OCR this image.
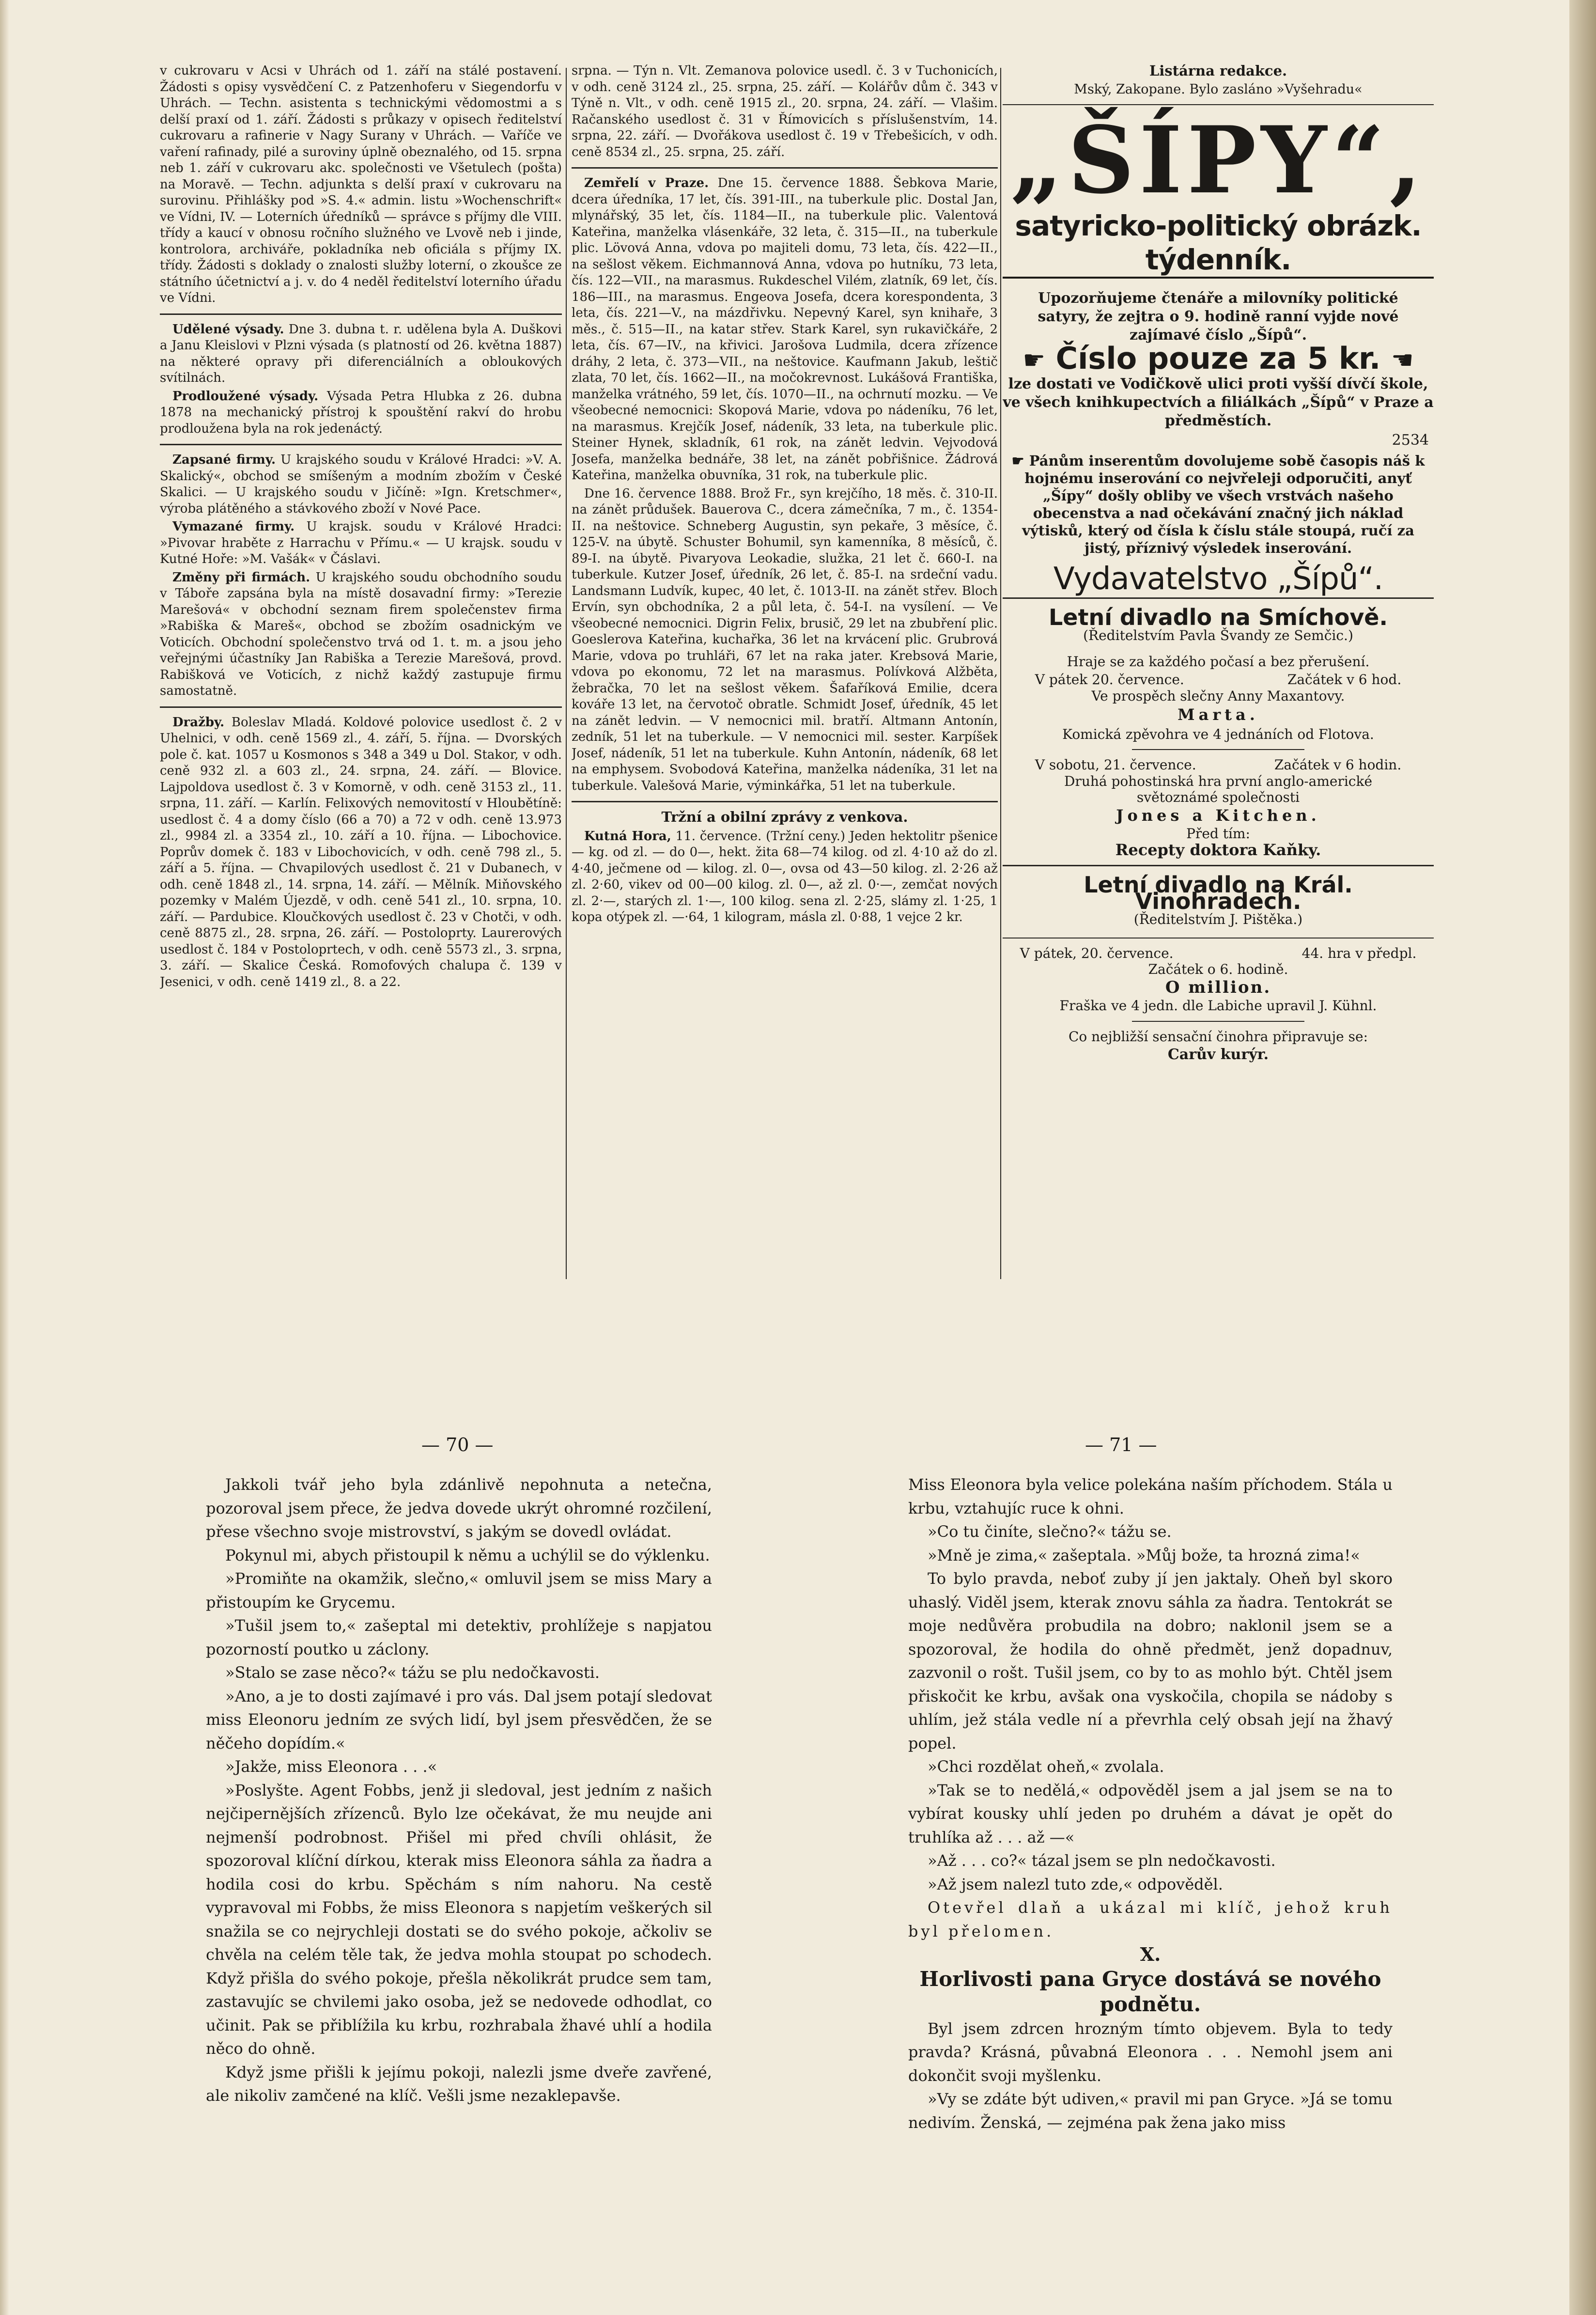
v cukrovaru v Acsi v Uhrách od 1. září na stálé postavení. Žádosti s opisy vysvědčení C. z Patzenhoferu v Siegendorfu v Uhrách. — Techn. asistenta s technickými vědomostmi a s delší praxí od 1. září. Žádosti s průkazy v opisech ředitelství cukrovaru a rafinerie v Nagy Surany v Uhrách. — Vaříče ve vaření rafinady, pilé a suroviny úplně obeznalého, od 15. srpna neb 1. září v cukrovaru akc. společnosti ve Všetulech (pošta) na Moravě. — Techn. adjunkta s delší praxí v cukrovaru na surovinu. Přihlášky pod »S. 4.« admin. listu »Wochenschrift« ve Vídni, IV. — Loterních úředníků — správce s příjmy dle VIII. třídy a kaucí v obnosu ročního služného ve Lvově neb i jinde, kontrolora, archiváře, pokladníka neb oficiála s příjmy IX. třídy. Žádosti s doklady o znalosti služby loterní, o zkoušce ze státního účetnictví a j. v. do 4 neděl ředitelství loterního úřadu ve Vídni.

Udělené výsady. Dne 3. dubna t. r. udělena byla A. Duškovi a Janu Kleislovi v Plzni výsada (s platností od 26. května 1887) na některé opravy při diferenciálních a obloukových svítilnách.

Prodloužené výsady. Výsada Petra Hlubka z 26. dubna 1878 na mechanický přístroj k spouštění rakví do hrobu prodloužena byla na rok jedenáctý.

Zapsané firmy. U krajského soudu v Králové Hradci: »V. A. Skalický«, obchod se smíšeným a modním zbožím v České Skalici. — U krajského soudu v Jičíně: »Ign. Kretschmer«, výroba plátěného a stávkového zboží v Nové Pace.

Vymazané firmy. U krajsk. soudu v Králové Hradci: »Pivovar hraběte z Harrachu v Přímu.« — U krajsk. soudu v Kutné Hoře: »M. Vašák« v Čáslavi.

Změny při firmách. U krajského soudu obchodního soudu v Táboře zapsána byla na místě dosavadní firmy: »Terezie Marešová« v obchodní seznam firem společenstev firma »Rabiška & Mareš«, obchod se zbožím osadnickým ve Voticích. Obchodní společenstvo trvá od 1. t. m. a jsou jeho veřejnými účastníky Jan Rabiška a Terezie Marešová, provd. Rabišková ve Voticích, z nichž každý zastupuje firmu samostatně.

Dražby. Boleslav Mladá. Koldové polovice usedlost č. 2 v Uhelnici, v odh. ceně 1569 zl., 4. září, 5. října. — Dvorských pole č. kat. 1057 u Kosmonos s 348 a 349 u Dol. Stakor, v odh. ceně 932 zl. a 603 zl., 24. srpna, 24. září. — Blovice. Lajpoldova usedlost č. 3 v Komorně, v odh. ceně 3153 zl., 11. srpna, 11. září. — Karlín. Felixových nemovitostí v Hloubětíně: usedlost č. 4 a domy číslo (66 a 70) a 72 v odh. ceně 13.973 zl., 9984 zl. a 3354 zl., 10. září a 10. října. — Libochovice. Poprův domek č. 183 v Libochovicích, v odh. ceně 798 zl., 5. září a 5. října. — Chvapilových usedlost č. 21 v Dubanech, v odh. ceně 1848 zl., 14. srpna, 14. září. — Mělník. Miňovského pozemky v Malém Újezdě, v odh. ceně 541 zl., 10. srpna, 10. září. — Pardubice. Kloučkových usedlost č. 23 v Chotči, v odh. ceně 8875 zl., 28. srpna, 26. září. — Postoloprty. Laurerových usedlost č. 184 v Postoloprtech, v odh. ceně 5573 zl., 3. srpna, 3. září. — Skalice Česká. Romofových chalupa č. 139 v Jesenici, v odh. ceně 1419 zl., 8. a 22.

srpna. — Týn n. Vlt. Zemanova polovice usedl. č. 3 v Tuchonicích, v odh. ceně 3124 zl., 25. srpna, 25. září. — Kolářův dům č. 343 v Týně n. Vlt., v odh. ceně 1915 zl., 20. srpna, 24. září. — Vlašim. Račanského usedlost č. 31 v Římovicích s příslušenstvím, 14. srpna, 22. září. — Dvořákova usedlost č. 19 v Třebešicích, v odh. ceně 8534 zl., 25. srpna, 25. září.

Zemřelí v Praze. Dne 15. července 1888. Šebkova Marie, dcera úředníka, 17 let, čís. 391-III., na tuberkule plic. Dostal Jan, mlynářský, 35 let, čís. 1184—II., na tuberkule plic. Valentová Kateřina, manželka vlásenkáře, 32 leta, č. 315—II., na tuberkule plic. Lövová Anna, vdova po majiteli domu, 73 leta, čís. 422—II., na sešlost věkem. Eichmannová Anna, vdova po hutníku, 73 leta, čís. 122—VII., na marasmus. Rukdeschel Vilém, zlatník, 69 let, čís. 186—III., na marasmus. Engeova Josefa, dcera korespondenta, 3 leta, čís. 221—V., na mázdřivku. Nepevný Karel, syn knihaře, 3 měs., č. 515—II., na katar střev. Stark Karel, syn rukavičkáře, 2 leta, čís. 67—IV., na křivici. Jarošova Ludmila, dcera zřízence dráhy, 2 leta, č. 373—VII., na neštovice. Kaufmann Jakub, leštič zlata, 70 let, čís. 1662—II., na močokrevnost. Lukášová Františka, manželka vrátného, 59 let, čís. 1070—II., na ochrnutí mozku. — Ve všeobecné nemocnici: Skopová Marie, vdova po nádeníku, 76 let, na marasmus. Krejčík Josef, nádeník, 33 leta, na tuberkule plic. Steiner Hynek, skladník, 61 rok, na zánět ledvin. Vejvodová Josefa, manželka bednáře, 38 let, na zánět pobřišnice. Žádrová Kateřina, manželka obuvníka, 31 rok, na tuberkule plic.

Dne 16. července 1888. Brož Fr., syn krejčího, 18 měs. č. 310-II. na zánět průdušek. Bauerova C., dcera zámečníka, 7 m., č. 1354-II. na neštovice. Schneberg Augustin, syn pekaře, 3 měsíce, č. 125-V. na úbytě. Schuster Bohumil, syn kamenníka, 8 měsíců, č. 89-I. na úbytě. Pivaryova Leokadie, služka, 21 let č. 660-I. na tuberkule. Kutzer Josef, úředník, 26 let, č. 85-I. na srdeční vadu. Landsmann Ludvík, kupec, 40 let, č. 1013-II. na zánět střev. Bloch Ervín, syn obchodníka, 2 a půl leta, č. 54-I. na vysílení. — Ve všeobecné nemocnici. Digrin Felix, brusič, 29 let na zbubření plic. Goeslerova Kateřina, kuchařka, 36 let na krvácení plic. Grubrová Marie, vdova po truhláři, 67 let na raka jater. Krebsová Marie, vdova po ekonomu, 72 let na marasmus. Polívková Alžběta, žebračka, 70 let na sešlost věkem. Šafaříková Emilie, dcera kováře 13 let, na červotoč obratle. Schmidt Josef, úředník, 45 let na zánět ledvin. — V nemocnici mil. bratří. Altmann Antonín, zedník, 51 let na tuberkule. — V nemocnici mil. sester. Karpíšek Josef, nádeník, 51 let na tuberkule. Kuhn Antonín, nádeník, 68 let na emphysem. Svobodová Kateřina, manželka nádeníka, 31 let na tuberkule. Valešová Marie, výminkářka, 51 let na tuberkule.

Tržní a obilní zprávy z venkova.

Kutná Hora, 11. července. (Tržní ceny.) Jeden hektolitr pšenice — kg. od zl. — do 0—, hekt. žita 68—74 kilog. od zl. 4·10 až do zl. 4·40, ječmene od — kilog. zl. 0—, ovsa od 43—50 kilog. zl. 2·26 až zl. 2·60, vikev od 00—00 kilog. zl. 0—, až zl. 0·—, zemčat nových zl. 2·—, starých zl. 1·—, 100 kilog. sena zl. 2·25, slámy zl. 1·25, 1 kopa otýpek zl. —·64, 1 kilogram, másla zl. 0·88, 1 vejce 2 kr.

Listárna redakce.

Mský, Zakopane. Bylo zasláno »Vyšehradu«

„ŠÍPY“,
satyricko-politický obrázk. týdenník.

Upozorňujeme čtenáře a milovníky politické satyry, že zejtra o 9. hodině ranní vyjde nové zajímavé číslo „Šípů“.

☛ Číslo pouze za 5 kr. ☚

lze dostati ve Vodičkově ulici proti vyšší dívčí škole, ve všech knihkupectvích a filiálkách „Šípů“ v Praze a předměstích.

2534

☛ Pánům inserentům dovolujeme sobě časopis náš k hojnému inserování co nejvřeleji odporučiti, anyť „Šípy“ došly obliby ve všech vrstvách našeho obecenstva a nad očekávání značný jich náklad výtisků, který od čísla k číslu stále stoupá, ručí za jistý, příznivý výsledek inserování.

Vydavatelstvo „Šípů“.
Letní divadlo na Smíchově.
(Ředitelstvím Pavla Švandy ze Semčic.)

Hraje se za každého počasí a bez přerušení.

V pátek 20. července.	Začátek v 6 hod.

Ve prospěch slečny Anny Maxantovy.

Marta.

Komická zpěvohra ve 4 jednáních od Flotova.

V sobotu, 21. července.	Začátek v 6 hodin.

Druhá pohostinská hra první anglo-americké světoznámé společnosti

Jones a Kitchen.

Před tím:

Recepty doktora Kaňky.

Letní divadlo na Král. Vinohradech.
(Ředitelstvím J. Pištěka.)
V pátek, 20. července.	44. hra v předpl.

Začátek o 6. hodině.

O million.

Fraška ve 4 jedn. dle Labiche upravil J. Kühnl.

Co nejbližší sensační činohra připravuje se:

Carův kurýr.

— 70 —	— 71 —

Jakkoli tvář jeho byla zdánlivě nepohnuta a netečna, pozoroval jsem přece, že jedva dovede ukrýt ohromné rozčilení, přese všechno svoje mistrovství, s jakým se dovedl ovládat.

Pokynul mi, abych přistoupil k němu a uchýlil se do výklenku.

»Promiňte na okamžik, slečno,« omluvil jsem se miss Mary a přistoupím ke Grycemu.

»Tušil jsem to,« zašeptal mi detektiv, prohlížeje s napjatou pozorností poutko u záclony.

»Stalo se zase něco?« tážu se plu nedočkavosti.

»Ano, a je to dosti zajímavé i pro vás. Dal jsem potají sledovat miss Eleonoru jedním ze svých lidí, byl jsem přesvědčen, že se něčeho dopídím.«

»Jakže, miss Eleonora . . .«

»Poslyšte. Agent Fobbs, jenž ji sledoval, jest jedním z našich nejčipernějších zřízenců. Bylo lze očekávat, že mu neujde ani nejmenší podrobnost. Přišel mi před chvíli ohlásit, že spozoroval klíční dírkou, kterak miss Eleonora sáhla za ňadra a hodila cosi do krbu. Spěchám s ním nahoru. Na cestě vypravoval mi Fobbs, že miss Eleonora s napjetím veškerých sil snažila se co nejrychleji dostati se do svého pokoje, ačkoliv se chvěla na celém těle tak, že jedva mohla stoupat po schodech. Když přišla do svého pokoje, přešla několikrát prudce sem tam, zastavujíc se chvilemi jako osoba, jež se nedovede odhodlat, co učinit. Pak se přiblížila ku krbu, rozhrabala žhavé uhlí a hodila něco do ohně.

Když jsme přišli k jejímu pokoji, nalezli jsme dveře zavřené, ale nikoliv zamčené na klíč. Vešli jsme nezaklepavše.

Miss Eleonora byla velice polekána naším příchodem. Stála u krbu, vztahujíc ruce k ohni.

»Co tu činíte, slečno?« tážu se.

»Mně je zima,« zašeptala. »Můj bože, ta hrozná zima!«

To bylo pravda, neboť zuby jí jen jaktaly. Oheň byl skoro uhaslý. Viděl jsem, kterak znovu sáhla za ňadra. Tentokrát se moje nedůvěra probudila na dobro; naklonil jsem se a spozoroval, že hodila do ohně předmět, jenž dopadnuv, zazvonil o rošt. Tušil jsem, co by to as mohlo být. Chtěl jsem přiskočit ke krbu, avšak ona vyskočila, chopila se nádoby s uhlím, jež stála vedle ní a převrhla celý obsah její na žhavý popel.

»Chci rozdělat oheň,« zvolala.

»Tak se to nedělá,« odpověděl jsem a jal jsem se na to vybírat kousky uhlí jeden po druhém a dávat je opět do truhlíka až . . . až —«

»Až . . . co?« tázal jsem se pln nedočkavosti.

»Až jsem nalezl tuto zde,« odpověděl.

Otevřel dlaň a ukázal mi klíč, jehož kruh byl přelomen.

X.

Horlivosti pana Gryce dostává se nového podnětu.

Byl jsem zdrcen hrozným tímto objevem. Byla to tedy pravda? Krásná, půvabná Eleonora . . . Nemohl jsem ani dokončit svoji myšlenku.

»Vy se zdáte být udiven,« pravil mi pan Gryce. »Já se tomu nedivím. Ženská, — zejména pak žena jako miss
